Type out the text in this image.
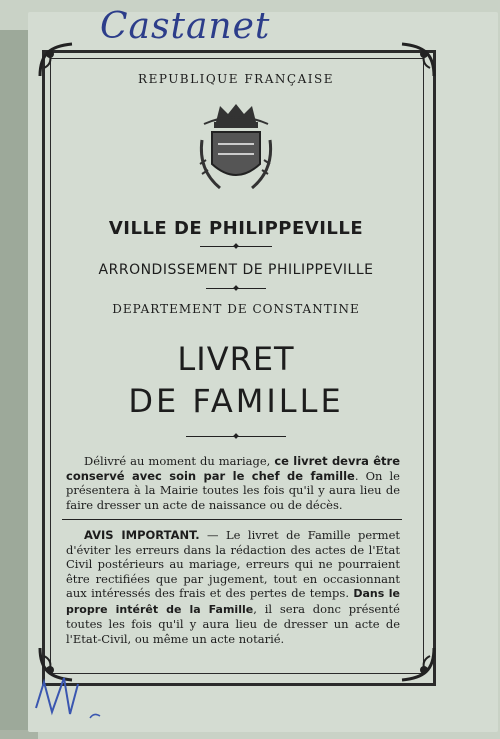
Castanet
REPUBLIQUE FRANÇAISE
VILLE DE PHILIPPEVILLE
ARRONDISSEMENT DE PHILIPPEVILLE
DEPARTEMENT DE CONSTANTINE
LIVRET
DE FAMILLE
Délivré au moment du mariage, ce livret devra être conservé avec soin par le chef de famille. On le présentera à la Mairie toutes les fois qu'il y aura lieu de faire dresser un acte de naissance ou de décès.
AVIS IMPORTANT. — Le livret de Famille permet d'éviter les erreurs dans la rédaction des actes de l'Etat Civil postérieurs au mariage, erreurs qui ne pourraient être rectifiées que par jugement, tout en occasionnant aux intéressés des frais et des pertes de temps. Dans le propre intérêt de la Famille, il sera donc présenté toutes les fois qu'il y aura lieu de dresser un acte de l'Etat-Civil, ou même un acte notarié.
